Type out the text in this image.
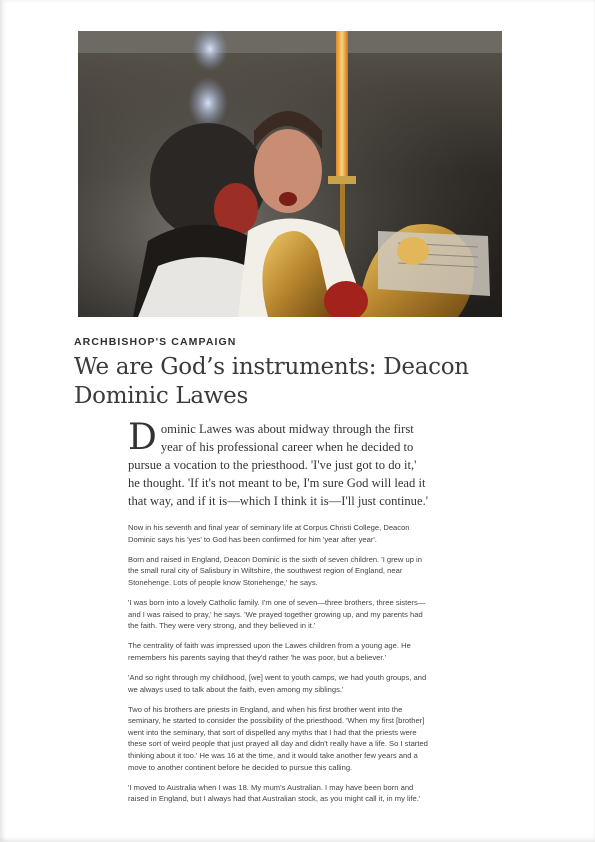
ARCHBISHOP'S CAMPAIGN
We are God’s instruments: Deacon Dominic Lawes

Dominic Lawes was about midway through the first year of his professional career when he decided to pursue a vocation to the priesthood. 'I've just got to do it,' he thought. 'If it's not meant to be, I'm sure God will lead it that way, and if it is—which I think it is—I'll just continue.'

Now in his seventh and final year of seminary life at Corpus Christi College, Deacon Dominic says his 'yes' to God has been confirmed for him 'year after year'.

Born and raised in England, Deacon Dominic is the sixth of seven children. 'I grew up in the small rural city of Salisbury in Wiltshire, the southwest region of England, near Stonehenge. Lots of people know Stonehenge,' he says.

'I was born into a lovely Catholic family. I'm one of seven—three brothers, three sisters—and I was raised to pray,' he says. 'We prayed together growing up, and my parents had the faith. They were very strong, and they believed in it.'

The centrality of faith was impressed upon the Lawes children from a young age. He remembers his parents saying that they'd rather 'he was poor, but a believer.'

'And so right through my childhood, [we] went to youth camps, we had youth groups, and we always used to talk about the faith, even among my siblings.'

Two of his brothers are priests in England, and when his first brother went into the seminary, he started to consider the possibility of the priesthood. 'When my first [brother] went into the seminary, that sort of dispelled any myths that I had that the priests were these sort of weird people that just prayed all day and didn't really have a life. So I started thinking about it too.' He was 16 at the time, and it would take another few years and a move to another continent before he decided to pursue this calling.

'I moved to Australia when I was 18. My mum's Australian. I may have been born and raised in England, but I always had that Australian stock, as you might call it, in my life.'
